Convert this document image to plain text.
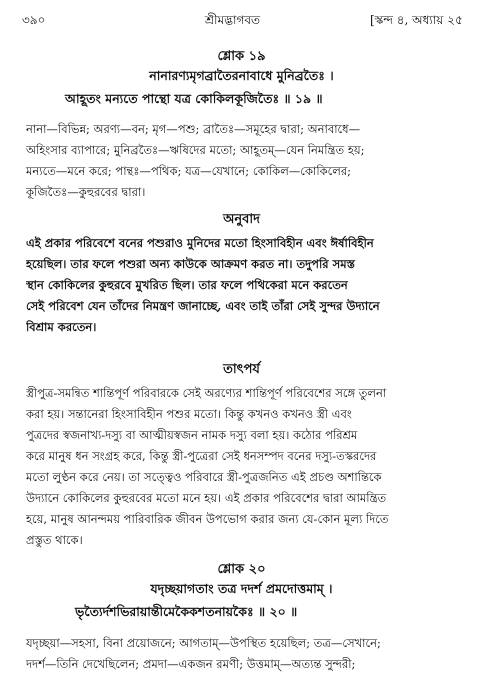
৩৯০	শ্রীমদ্ভাগবত	[স্কন্দ ৪, অধ্যায় ২৫
শ্লোক ১৯
নানারণ্যমৃগব্রাতৈরনাবাধে মুনিব্রতৈঃ ।
আহূতং মন্যতে পান্থো যত্র কোকিলকূজিতৈঃ ॥ ১৯ ॥
নানা—বিভিন্ন; অরণ্য—বন; মৃগ—পশু; ব্রাতৈঃ—সমূহের দ্বারা; অনাবাধে—
অহিংসার ব্যাপারে; মুনিব্রতৈঃ—ঋষিদের মতো; আহূতম্—যেন নিমন্ত্রিত হয়;
মন্যতে—মনে করে; পান্থঃ—পথিক; যত্র—যেখানে; কোকিল—কোকিলের;
কূজিতৈঃ—কুহুরবের দ্বারা।
অনুবাদ
এই প্রকার পরিবেশে বনের পশুরাও মুনিদের মতো হিংসাবিহীন এবং ঈর্ষাবিহীন
হয়েছিল। তার ফলে পশুরা অন্য কাউকে আক্রমণ করত না। তদুপরি সমস্ত
স্থান কোকিলের কুহুরবে মুখরিত ছিল। তার ফলে পথিকেরা মনে করতেন
সেই পরিবেশ যেন তাঁদের নিমন্ত্রণ জানাচ্ছে, এবং তাই তাঁরা সেই সুন্দর উদ্যানে
বিশ্রাম করতেন।
তাৎপর্য
স্ত্রীপুত্র-সমন্বিত শান্তিপূর্ণ পরিবারকে সেই অরণ্যের শান্তিপূর্ণ পরিবেশের সঙ্গে তুলনা
করা হয়। সন্তানেরা হিংসাবিহীন পশুর মতো। কিন্তু কখনও কখনও স্ত্রী এবং
পুত্রদের স্বজনাখ্য-দস্যু বা আত্মীয়স্বজন নামক দস্যু বলা হয়। কঠোর পরিশ্রম
করে মানুষ ধন সংগ্রহ করে, কিন্তু স্ত্রী-পুত্রেরা সেই ধনসম্পদ বনের দস্যু-তস্করদের
মতো লুণ্ঠন করে নেয়। তা সত্ত্বেও পরিবারে স্ত্রী-পুত্রজনিত এই প্রচণ্ড অশান্তিকে
উদ্যানে কোকিলের কুহুরবের মতো মনে হয়। এই প্রকার পরিবেশের দ্বারা আমন্ত্রিত
হয়ে, মানুষ আনন্দময় পারিবারিক জীবন উপভোগ করার জন্য যে-কোন মূল্য দিতে
প্রস্তুত থাকে।
শ্লোক ২০
যদৃচ্ছয়াগতাং তত্র দদর্শ প্রমদোত্তমাম্ ।
ভৃত্যৈর্দশভিরায়ান্তীমেকৈকশতনায়কৈঃ ॥ ২০ ॥
যদৃচ্ছয়া—সহসা, বিনা প্রয়োজনে; আগতাম্—উপস্থিত হয়েছিল; তত্র—সেখানে;
দদর্শ—তিনি দেখেছিলেন; প্রমদা—একজন রমণী; উত্তমাম্—অত্যন্ত সুন্দরী;
